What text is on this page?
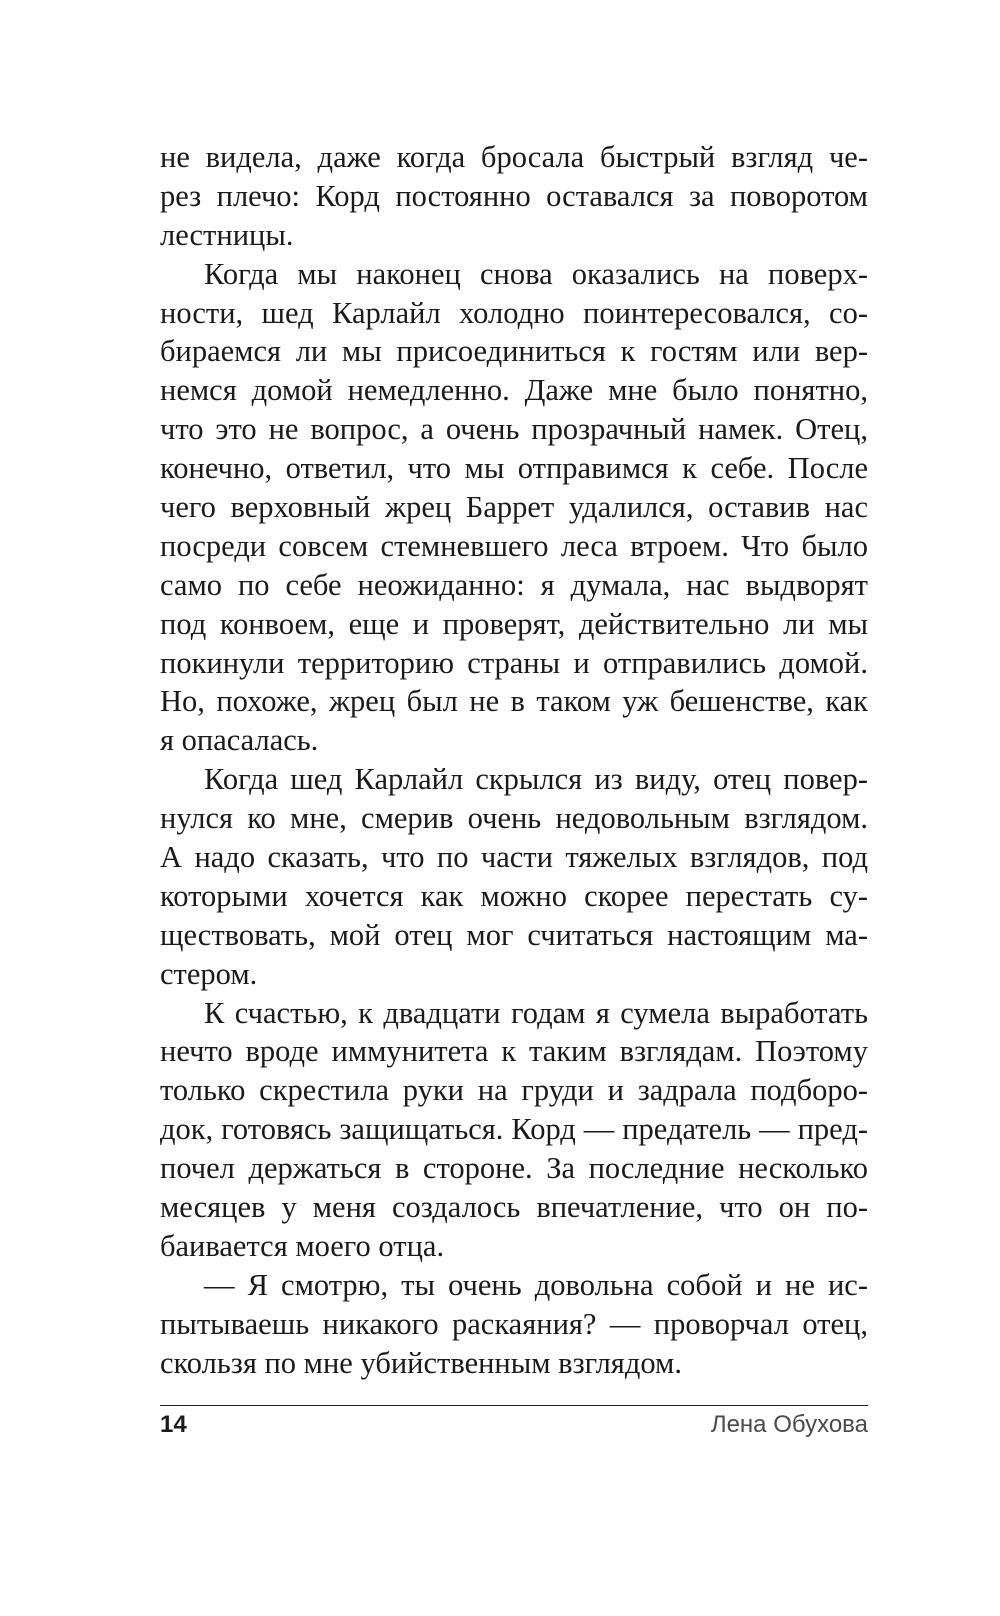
не видела, даже когда бросала быстрый взгляд че-
рез плечо: Корд постоянно оставался за поворотом
лестницы.
Когда мы наконец снова оказались на поверх-
ности, шед Карлайл холодно поинтересовался, со-
бираемся ли мы присоединиться к гостям или вер-
немся домой немедленно. Даже мне было понятно,
что это не вопрос, а очень прозрачный намек. Отец,
конечно, ответил, что мы отправимся к себе. После
чего верховный жрец Баррет удалился, оставив нас
посреди совсем стемневшего леса втроем. Что было
само по себе неожиданно: я думала, нас выдворят
под конвоем, еще и проверят, действительно ли мы
покинули территорию страны и отправились домой.
Но, похоже, жрец был не в таком уж бешенстве, как
я опасалась.
Когда шед Карлайл скрылся из виду, отец повер-
нулся ко мне, смерив очень недовольным взглядом.
А надо сказать, что по части тяжелых взглядов, под
которыми хочется как можно скорее перестать су-
ществовать, мой отец мог считаться настоящим ма-
стером.
К счастью, к двадцати годам я сумела выработать
нечто вроде иммунитета к таким взглядам. Поэтому
только скрестила руки на груди и задрала подборо-
док, готовясь защищаться. Корд — предатель — пред-
почел держаться в стороне. За последние несколько
месяцев у меня создалось впечатление, что он по-
баивается моего отца.
— Я смотрю, ты очень довольна собой и не ис-
пытываешь никакого раскаяния? — проворчал отец,
скользя по мне убийственным взглядом.
14	Лена Обухова
